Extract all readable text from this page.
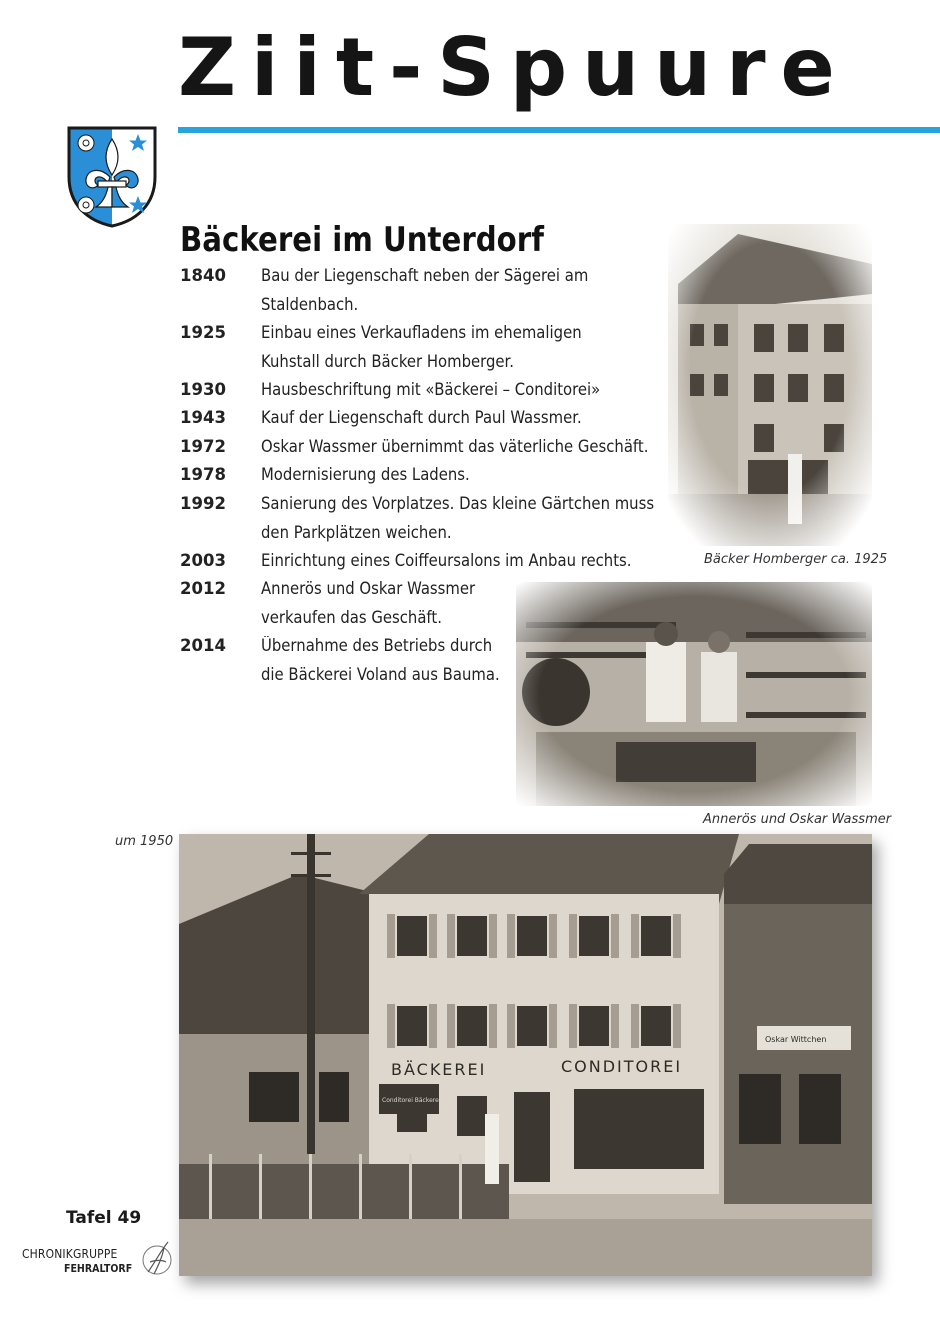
Ziit-Spuure
Bäckerei im Unterdorf
1840	Bau der Liegenschaft neben der Sägerei am Staldenbach.
1925	Einbau eines Verkaufladens im ehemaligen Kuhstall durch Bäcker Homberger.
1930	Hausbeschriftung mit «Bäckerei – Conditorei»
1943	Kauf der Liegenschaft durch Paul Wassmer.
1972	Oskar Wassmer übernimmt das väterliche Geschäft.
1978	Modernisierung des Ladens.
1992	Sanierung des Vorplatzes. Das kleine Gärtchen muss den Parkplätzen weichen.
2003	Einrichtung eines Coiffeursalons im Anbau rechts.
2012	Annerös und Oskar Wassmer verkaufen das Geschäft.
2014	Übernahme des Betriebs durch die Bäckerei Voland aus Bauma.
Bäcker Homberger ca. 1925
Annerös und Oskar Wassmer
um 1950
BÄCKEREI	CONDITOREI
Conditorei Bäckerei
Oskar Wittchen
Tafel 49
CHRONIKGRUPPE
FEHRALTORF
